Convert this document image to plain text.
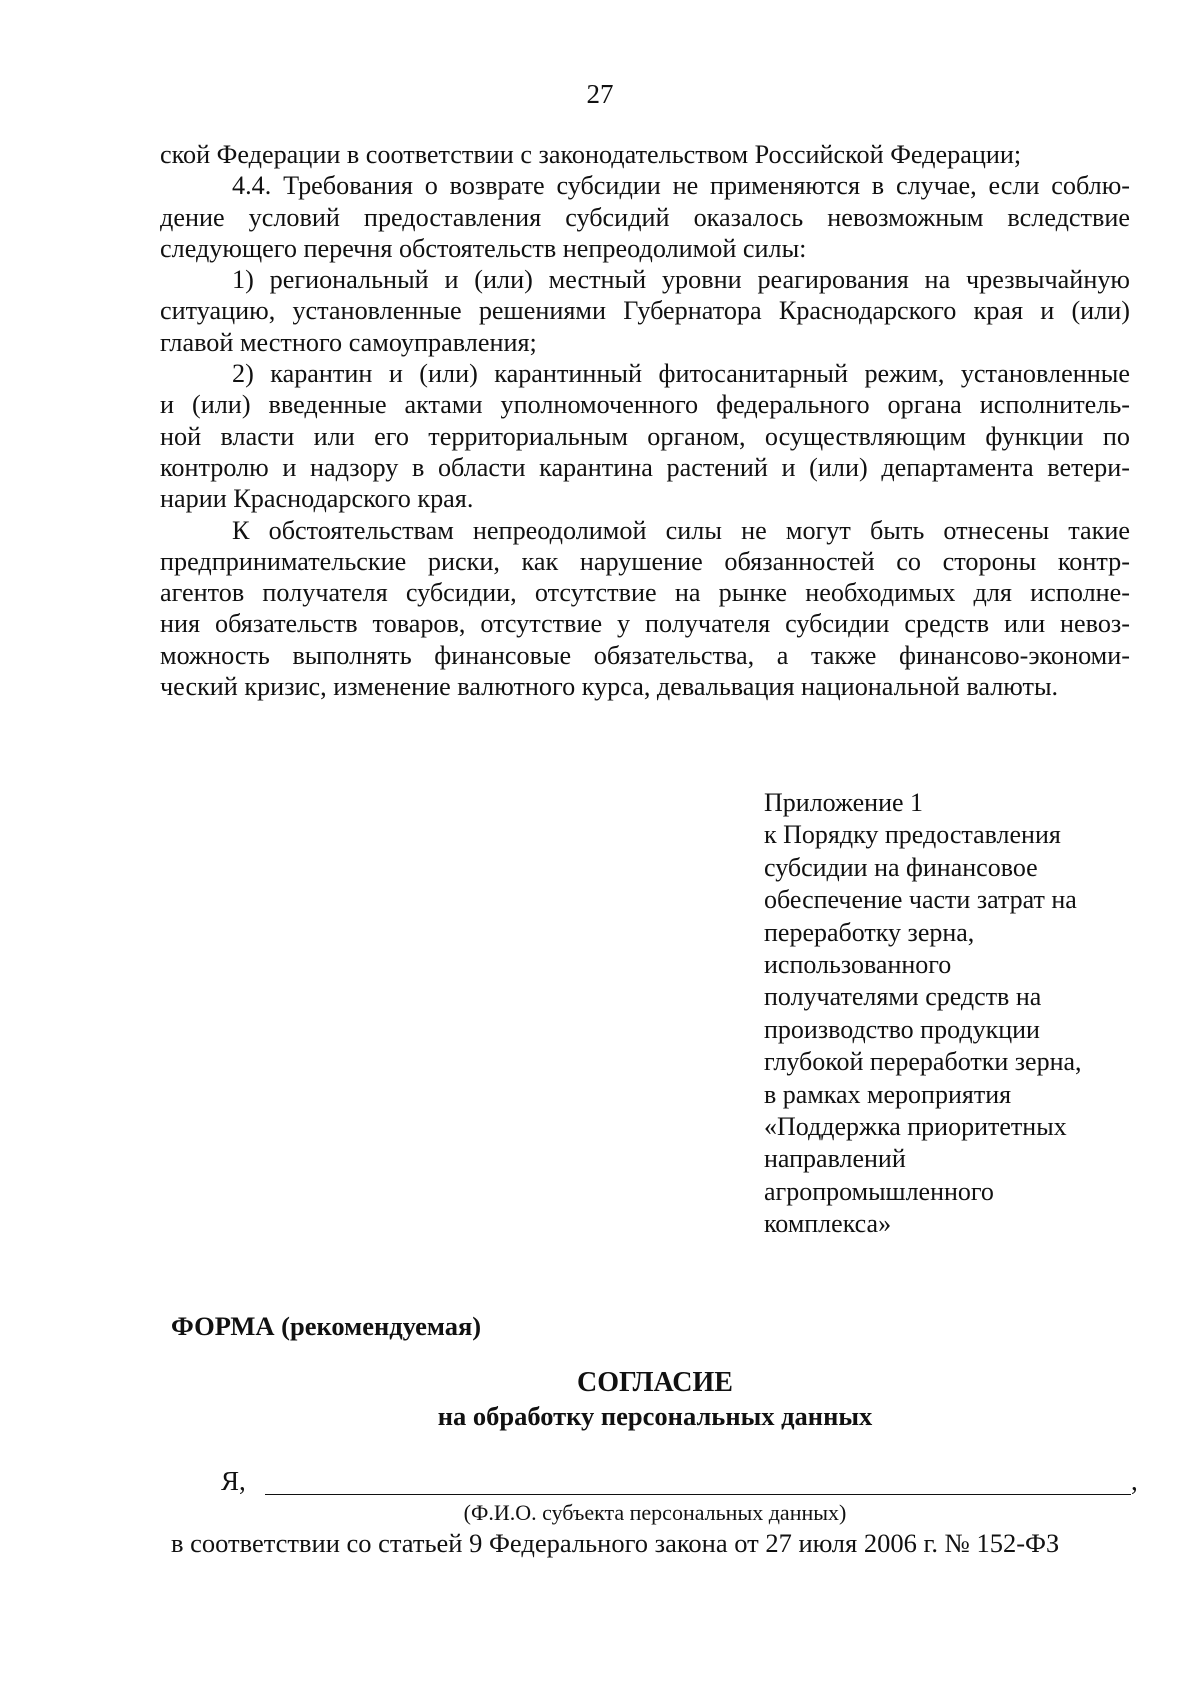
27

ской Федерации в соответствии с законодательством Российской Федерации;

4.4. Требования о возврате субсидии не применяются в случае, если соблю-

дение условий предоставления субсидий оказалось невозможным вследствие

следующего перечня обстоятельств непреодолимой силы:

1) региональный и (или) местный уровни реагирования на чрезвычайную

ситуацию, установленные решениями Губернатора Краснодарского края и (или)

главой местного самоуправления;

2) карантин и (или) карантинный фитосанитарный режим, установленные

и (или) введенные актами уполномоченного федерального органа исполнитель-

ной власти или его территориальным органом, осуществляющим функции по

контролю и надзору в области карантина растений и (или) департамента ветери-

нарии Краснодарского края.

К обстоятельствам непреодолимой силы не могут быть отнесены такие

предпринимательские риски, как нарушение обязанностей со стороны контр-

агентов получателя субсидии, отсутствие на рынке необходимых для исполне-

ния обязательств товаров, отсутствие у получателя субсидии средств или невоз-

можность выполнять финансовые обязательства, а также финансово-экономи-

ческий кризис, изменение валютного курса, девальвация национальной валюты.

Приложение 1
к Порядку предоставления
субсидии на финансовое
обеспечение части затрат на
переработку зерна,
использованного
получателями средств на
производство продукции
глубокой переработки зерна,
в рамках мероприятия
«Поддержка приоритетных
направлений
агропромышленного
комплекса»
ФОРМА (рекомендуемая)
СОГЛАСИЕ
на обработку персональных данных
Я,	,
(Ф.И.О. субъекта персональных данных)
в соответствии со статьей 9 Федерального закона от 27 июля 2006 г. № 152-ФЗ
